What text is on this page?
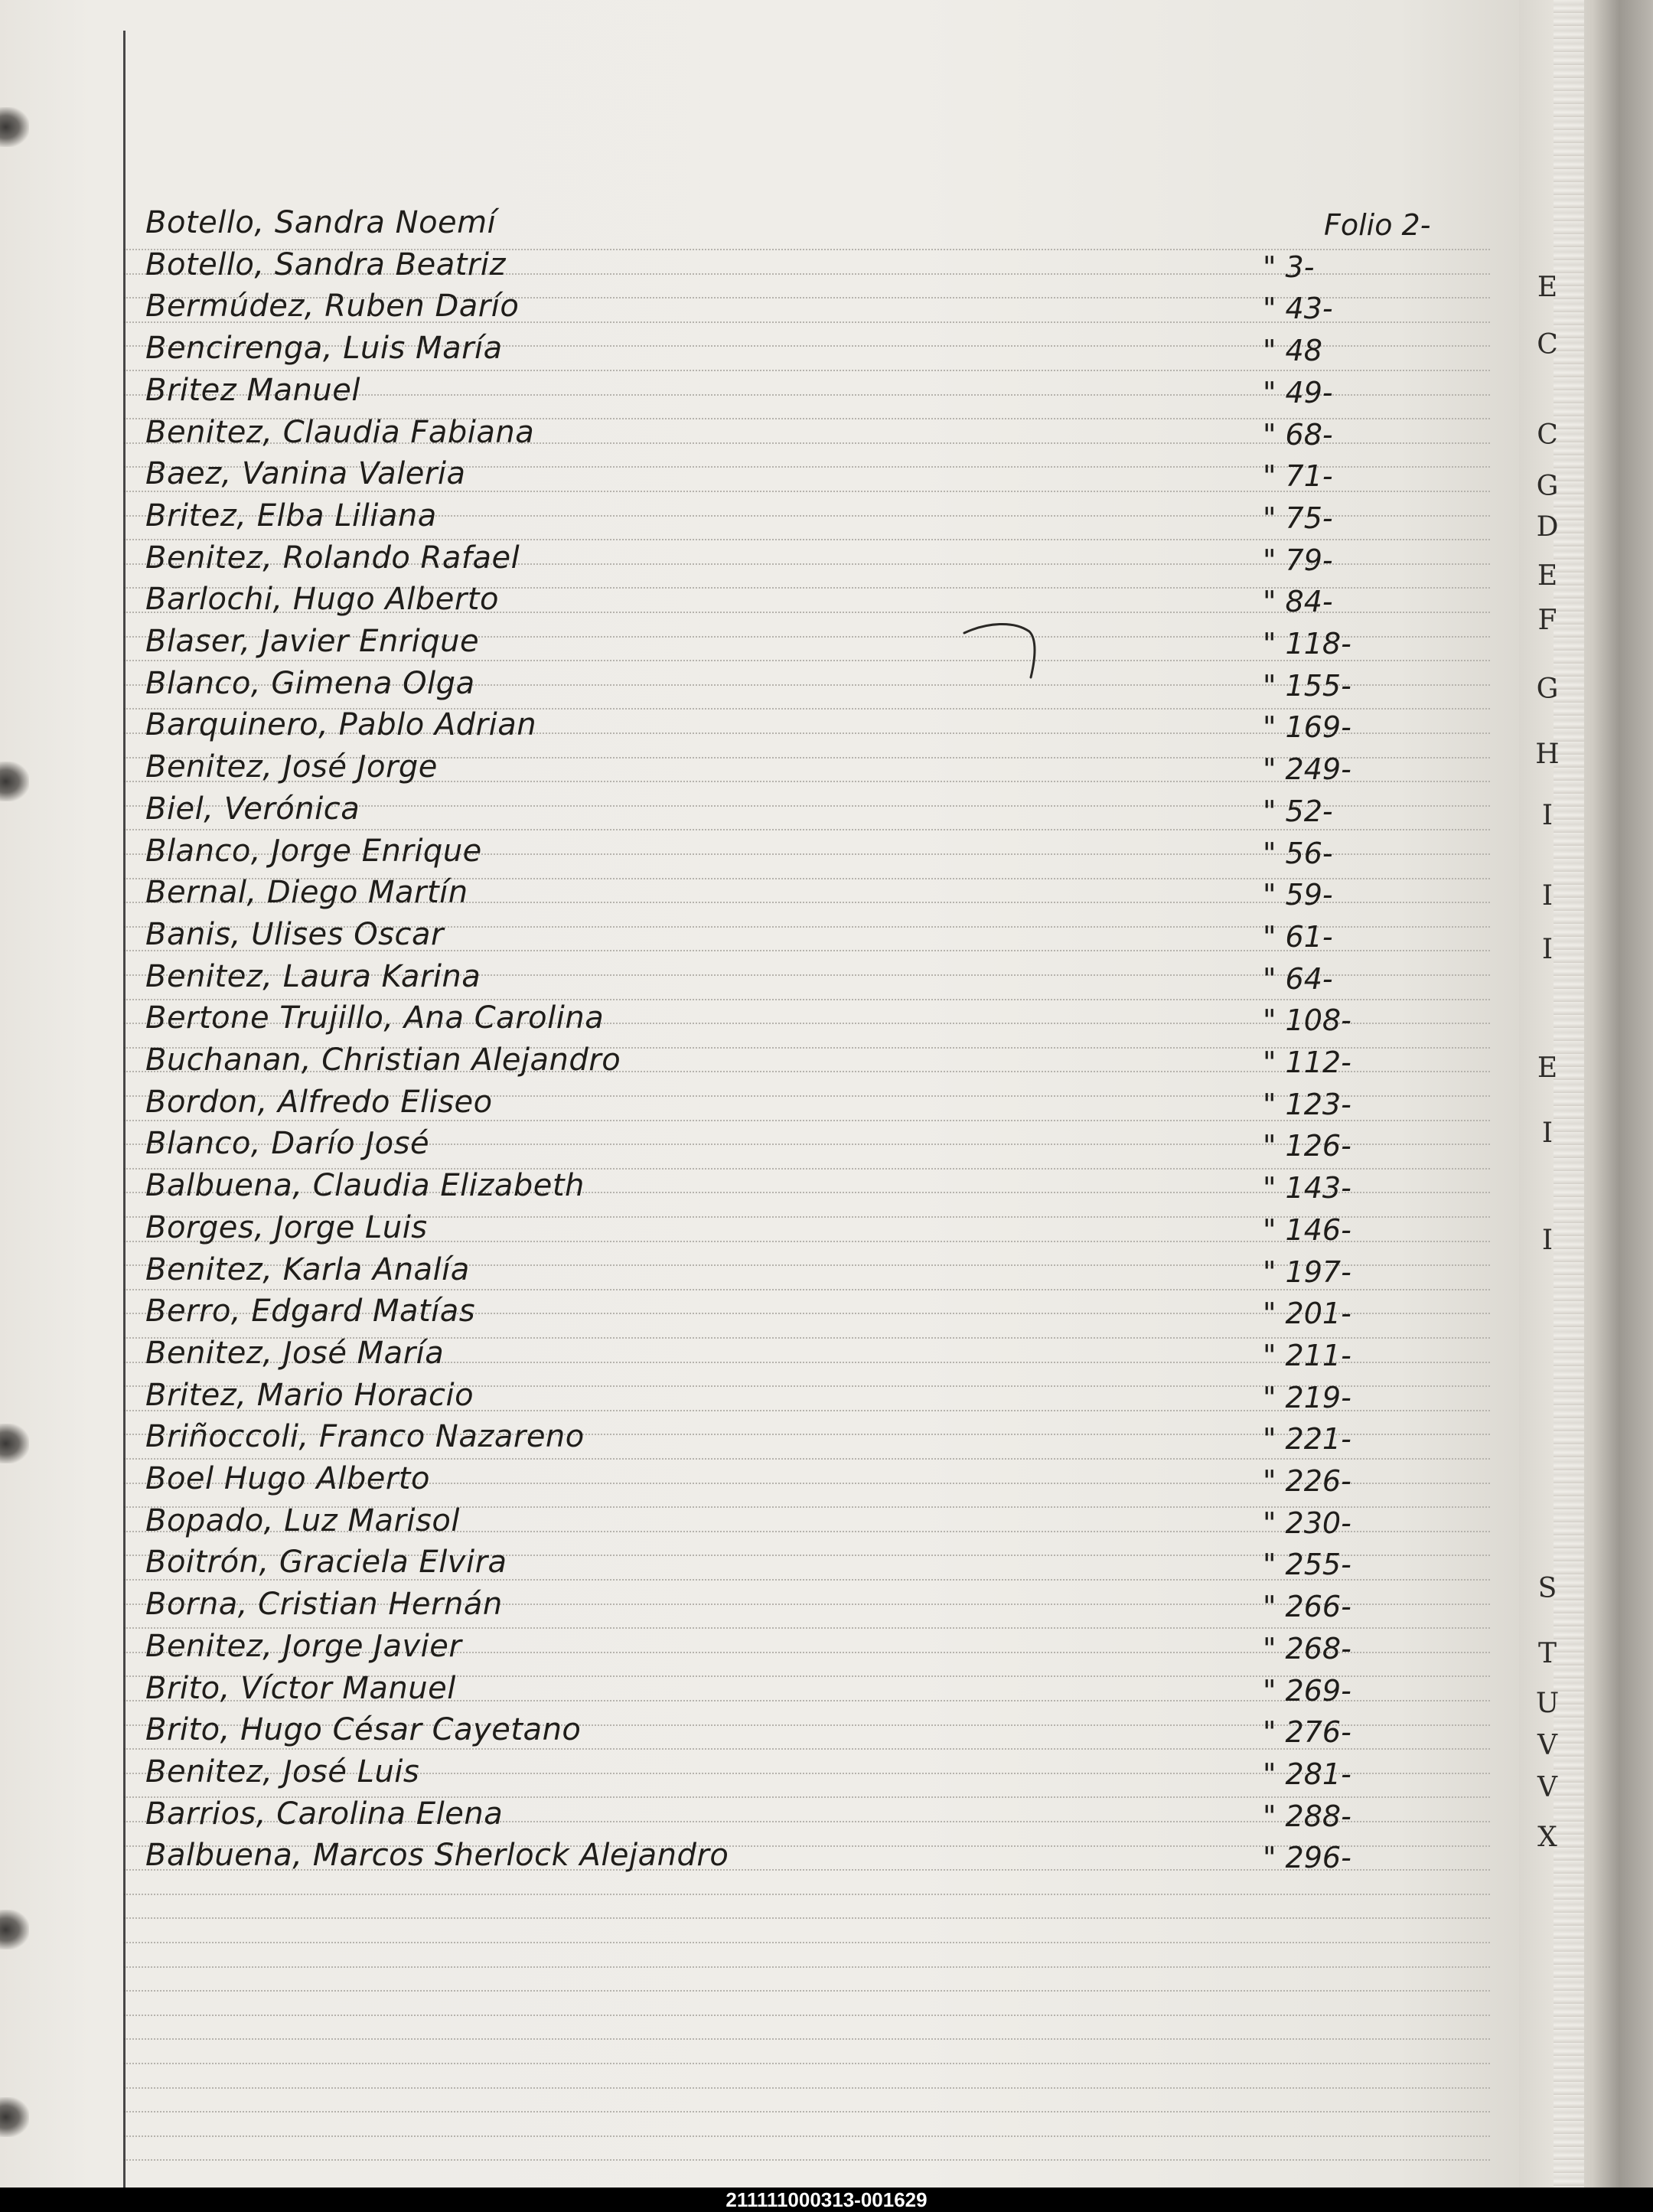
Botello, Sandra Noemí	Folio 2-
Botello, Sandra Beatriz	" 3-
Bermúdez, Ruben Darío	" 43-
Bencirenga, Luis María	" 48
Britez Manuel	" 49-
Benitez, Claudia Fabiana	" 68-
Baez, Vanina Valeria	" 71-
Britez, Elba Liliana	" 75-
Benitez, Rolando Rafael	" 79-
Barlochi, Hugo Alberto	" 84-
Blaser, Javier Enrique	" 118-
Blanco, Gimena Olga	" 155-
Barquinero, Pablo Adrian	" 169-
Benitez, José Jorge	" 249-
Biel, Verónica	" 52-
Blanco, Jorge Enrique	" 56-
Bernal, Diego Martín	" 59-
Banis, Ulises Oscar	" 61-
Benitez, Laura Karina	" 64-
Bertone Trujillo, Ana Carolina	" 108-
Buchanan, Christian Alejandro	" 112-
Bordon, Alfredo Eliseo	" 123-
Blanco, Darío José	" 126-
Balbuena, Claudia Elizabeth	" 143-
Borges, Jorge Luis	" 146-
Benitez, Karla Analía	" 197-
Berro, Edgard Matías	" 201-
Benitez, José María	" 211-
Britez, Mario Horacio	" 219-
Briñoccoli, Franco Nazareno	" 221-
Boel Hugo Alberto	" 226-
Bopado, Luz Marisol	" 230-
Boitrón, Graciela Elvira	" 255-
Borna, Cristian Hernán	" 266-
Benitez, Jorge Javier	" 268-
Brito, Víctor Manuel	" 269-
Brito, Hugo César Cayetano	" 276-
Benitez, José Luis	" 281-
Barrios, Carolina Elena	" 288-
Balbuena, Marcos Sherlock Alejandro	" 296-
E
C
C
G
D
E
F
G
H
I
I
I
E
I
I
S
T
U
V
V
X
211111000313-001629
